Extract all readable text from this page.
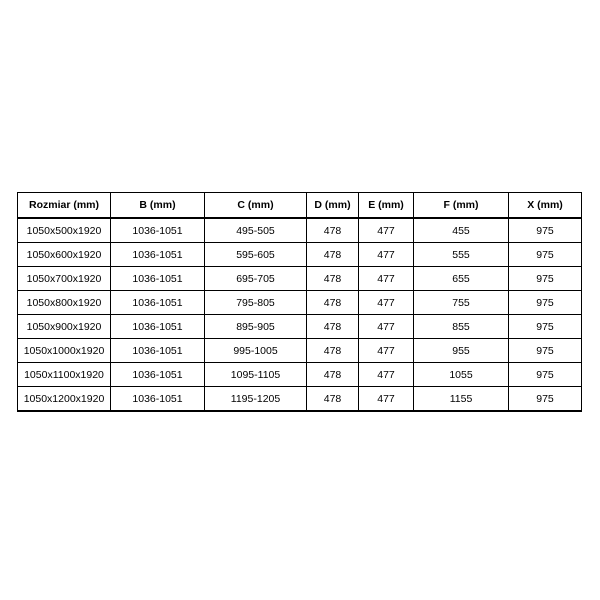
Rozmiar (mm)	B (mm)	C (mm)	D (mm)	E (mm)	F (mm)	X (mm)
1050x500x1920	1036-1051	495-505	478	477	455	975
1050x600x1920	1036-1051	595-605	478	477	555	975
1050x700x1920	1036-1051	695-705	478	477	655	975
1050x800x1920	1036-1051	795-805	478	477	755	975
1050x900x1920	1036-1051	895-905	478	477	855	975
1050x1000x1920	1036-1051	995-1005	478	477	955	975
1050x1100x1920	1036-1051	1095-1105	478	477	1055	975
1050x1200x1920	1036-1051	1195-1205	478	477	1155	975
